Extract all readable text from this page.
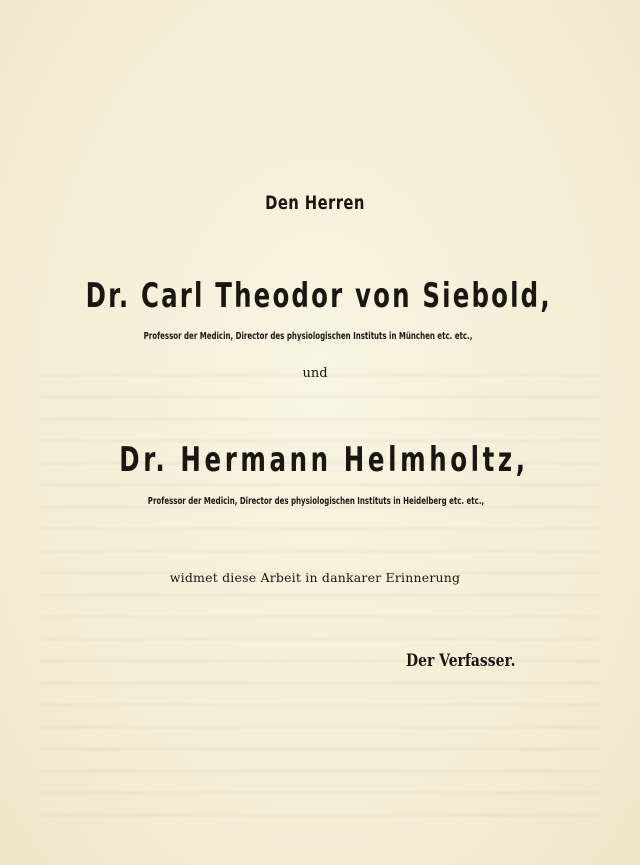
Den Herren
Dr. Carl Theodor von Siebold,
Professor der Medicin, Director des physiologischen Instituts in München etc. etc.,
und
Dr. Hermann Helmholtz,
Professor der Medicin, Director des physiologischen Instituts in Heidelberg etc. etc.,
widmet diese Arbeit in dankarer Erinnerung
Der Verfasser.
